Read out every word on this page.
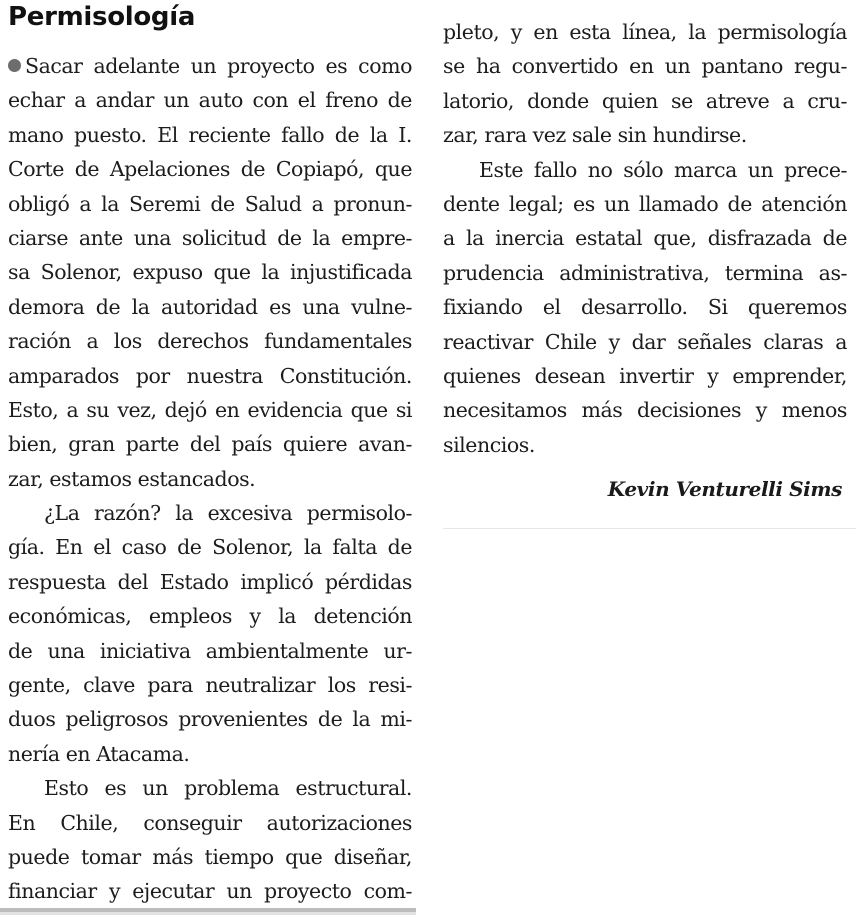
Permisología
Sacar adelante un proyecto es como
echar a andar un auto con el freno de
mano puesto. El reciente fallo de la I.
Corte de Apelaciones de Copiapó, que
obligó a la Seremi de Salud a pronun-
ciarse ante una solicitud de la empre-
sa Solenor, expuso que la injustificada
demora de la autoridad es una vulne-
ración a los derechos fundamentales
amparados por nuestra Constitución.
Esto, a su vez, dejó en evidencia que si
bien, gran parte del país quiere avan-
zar, estamos estancados.
¿La razón? la excesiva permisolo-
gía. En el caso de Solenor, la falta de
respuesta del Estado implicó pérdidas
económicas, empleos y la detención
de una iniciativa ambientalmente ur-
gente, clave para neutralizar los resi-
duos peligrosos provenientes de la mi-
nería en Atacama.
Esto es un problema estructural.
En Chile, conseguir autorizaciones
puede tomar más tiempo que diseñar,
financiar y ejecutar un proyecto com-
pleto, y en esta línea, la permisología
se ha convertido en un pantano regu-
latorio, donde quien se atreve a cru-
zar, rara vez sale sin hundirse.
Este fallo no sólo marca un prece-
dente legal; es un llamado de atención
a la inercia estatal que, disfrazada de
prudencia administrativa, termina as-
fixiando el desarrollo. Si queremos
reactivar Chile y dar señales claras a
quienes desean invertir y emprender,
necesitamos más decisiones y menos
silencios.
Kevin Venturelli Sims
